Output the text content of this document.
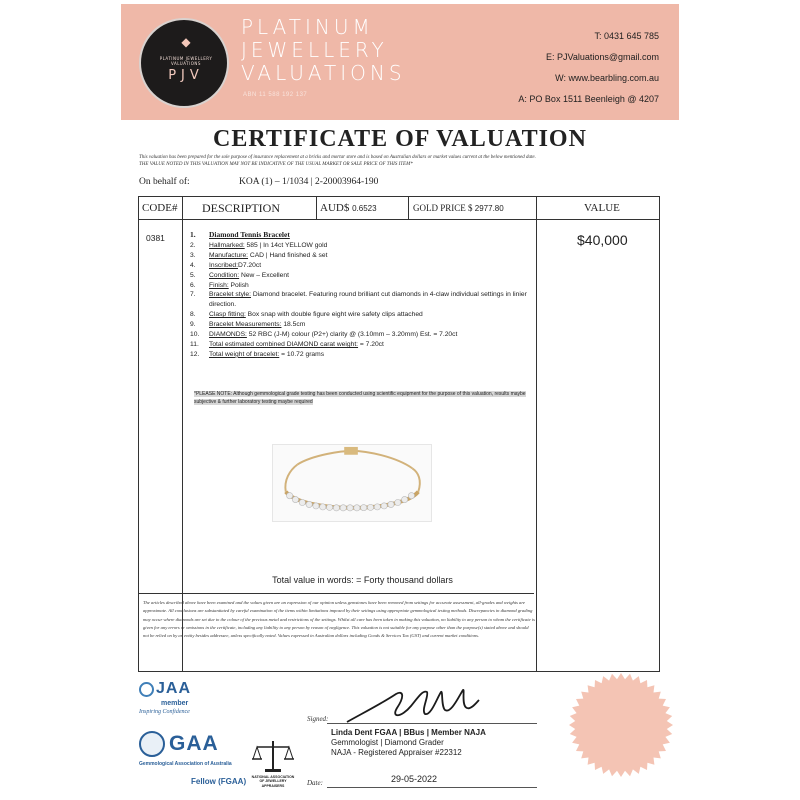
◆
PLATINUM JEWELLERY VALUATIONS
PJV
PLATINUM
JEWELLERY
VALUATIONS
ABN 11 588 192 137
T: 0431 645 785
E: PJValuations@gmail.com
W: www.bearbling.com.au
A: PO Box 1511 Beenleigh @ 4207
CERTIFICATE OF VALUATION
This valuation has been prepared for the sole purpose of insurance replacement at a bricks and mortar store and is based on Australian dollars or market values current at the below mentioned date.
THE VALUE NOTED IN THIS VALUATION MAY NOT BE INDICATIVE OF THE USUAL MARKET OR SALE PRICE OF THIS ITEM*
On behalf of:	KOA (1) – 1/1034 | 2-20003964-190
CODE# DESCRIPTION	AUD$ 0.6523	GOLD PRICE $ 2977.80	VALUE
0381	$40,000
1.	Diamond Tennis Bracelet
2.	Hallmarked: 585 | In 14ct YELLOW gold
3.	Manufacture: CAD | Hand finished & set
4.	Inscribed:D7.20ct
5.	Condition: New – Excellent
6.	Finish: Polish
7.	Bracelet style: Diamond bracelet. Featuring round brilliant cut diamonds in 4-claw individual settings in linier direction.
8.	Clasp fitting: Box snap with double figure eight wire safety clips attached
9.	Bracelet Measurements: 18.5cm
10.	DIAMONDS: 52 RBC (J-M) colour (P2+) clarity @ (3.10mm – 3.20mm) Est. = 7.20ct
11.	Total estimated combined DIAMOND carat weight: = 7.20ct
12.	Total weight of bracelet: = 10.72 grams
*PLEASE NOTE: Although gemmological grade testing has been conducted using scientific equipment for the purpose of this valuation, results maybe subjective & further laboratory testing maybe required
Total value in words: = Forty thousand dollars
The articles described above have been examined and the values given are an expression of our opinion unless gemstones have been removed from settings for accurate assessment, all-grades and weights are approximate. All conclusions are substantiated by careful examination of the items within limitations imposed by their settings using appropriate gemmological testing methods. Discrepancies in diamond grading may occur where diamonds are set due to the colour of the precious metal and restrictions of the settings. Whilst all care has been taken in making this valuation, no liability to any person to whom the certificate is given for any errors or omissions in the certificate, including any liability to any person by reason of negligence. This valuation is not suitable for any purpose other than the purpose(s) stated above and should not be relied on by an entity besides addressee, unless specifically noted. Values expressed in Australian dollars including Goods & Services Tax (GST) and current market conditions.
JAA
member
Inspiring Confidence
GAA
Gemmological Association of Australia
Fellow (FGAA)	NATIONAL ASSOCIATION OF JEWELLERY APPRAISERS
Signed:
Linda Dent FGAA | BBus | Member NAJA
Gemmologist | Diamond Grader
NAJA - Registered Appraiser #22312
Date:	29-05-2022
